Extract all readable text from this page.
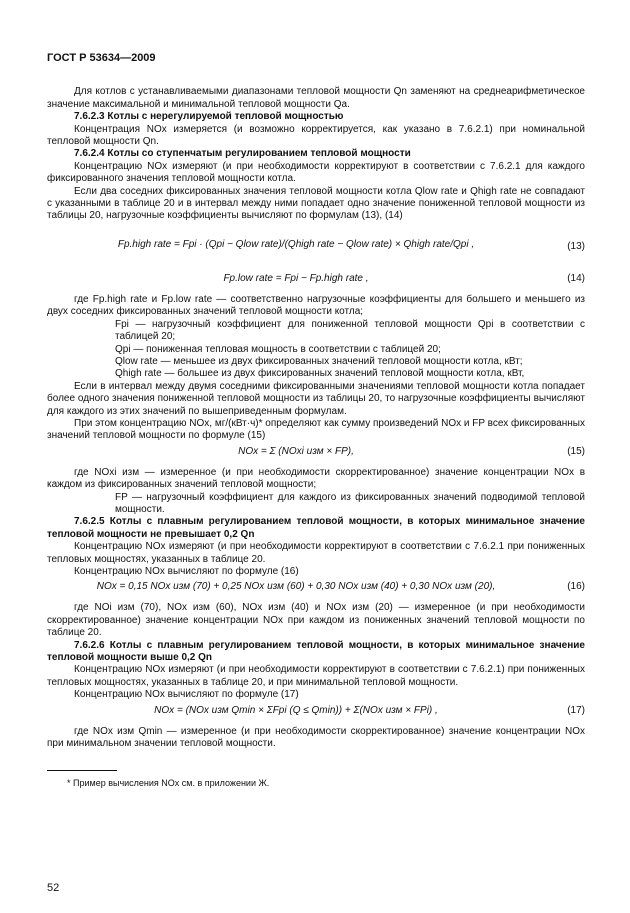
ГОСТ Р 53634—2009

Для котлов с устанавливаемыми диапазонами тепловой мощности Qn заменяют на среднеарифметическое значение максимальной и минимальной тепловой мощности Qa.

7.6.2.3 Котлы с нерегулируемой тепловой мощностью

Концентрация NOx измеряется (и возможно корректируется, как указано в 7.6.2.1) при номинальной тепловой мощности Qn.

7.6.2.4 Котлы со ступенчатым регулированием тепловой мощности

Концентрацию NOx измеряют (и при необходимости корректируют в соответствии с 7.6.2.1 для каждого фиксированного значения тепловой мощности котла.

Если два соседних фиксированных значения тепловой мощности котла Qlow rate и Qhigh rate не совпадают с указанными в таблице 20 и в интервал между ними попадает одно значение пониженной тепловой мощности из таблицы 20, нагрузочные коэффициенты вычисляют по формулам (13), (14)

Fp.high rate = Fpi · (Qpi − Qlow rate)/(Qhigh rate − Qlow rate) × Qhigh rate/Qpi ,	(13)
Fp.low rate = Fpi − Fp.high rate ,	(14)

где Fp.high rate и Fp.low rate — соответственно нагрузочные коэффициенты для большего и меньшего из двух соседних фиксированных значений тепловой мощности котла;

Fpi — нагрузочный коэффициент для пониженной тепловой мощности Qpi в соответствии с таблицей 20;

Qpi — пониженная тепловая мощность в соответствии с таблицей 20;

Qlow rate — меньшее из двух фиксированных значений тепловой мощности котла, кВт;

Qhigh rate — большее из двух фиксированных значений тепловой мощности котла, кВт,

Если в интервал между двумя соседними фиксированными значениями тепловой мощности котла попадает более одного значения пониженной тепловой мощности из таблицы 20, то нагрузочные коэффициенты вычисляют для каждого из этих значений по вышеприведенным формулам.

При этом концентрацию NOx, мг/(кВт·ч)* определяют как сумму произведений NOx и FP всех фиксированных значений тепловой мощности по формуле (15)

NOx = Σ (NOxi изм × FP),	(15)

где NOxi изм — измеренное (и при необходимости скорректированное) значение концентрации NOx в каждом из фиксированных значений тепловой мощности;

FP — нагрузочный коэффициент для каждого из фиксированных значений подводимой тепловой мощности.

7.6.2.5 Котлы с плавным регулированием тепловой мощности, в которых минимальное значение тепловой мощности не превышает 0,2 Qn

Концентрацию NOx измеряют (и при необходимости корректируют в соответствии с 7.6.2.1 при пониженных тепловых мощностях, указанных в таблице 20.

Концентрацию NOx вычисляют по формуле (16)

NOx = 0,15 NOx изм (70) + 0,25 NOx изм (60) + 0,30 NOx изм (40) + 0,30 NOx изм (20),	(16)

где NOi изм (70), NOx изм (60), NOx изм (40) и NOx изм (20) — измеренное (и при необходимости скорректированное) значение концентрации NOx при каждом из пониженных значений тепловой мощности по таблице 20.

7.6.2.6 Котлы с плавным регулированием тепловой мощности, в которых минимальное значение тепловой мощности выше 0,2 Qn

Концентрацию NOx измеряют (и при необходимости корректируют в соответствии с 7.6.2.1) при пониженных тепловых мощностях, указанных в таблице 20, и при минимальной тепловой мощности.

Концентрацию NOx вычисляют по формуле (17)

NOx = (NOx изм Qmin × ΣFpi (Q ≤ Qmin)) + Σ(NOx изм × FPi) ,	(17)

где NOx изм Qmin — измеренное (и при необходимости скорректированное) значение концентрации NOx при минимальном значении тепловой мощности.

* Пример вычисления NOx см. в приложении Ж.

52
